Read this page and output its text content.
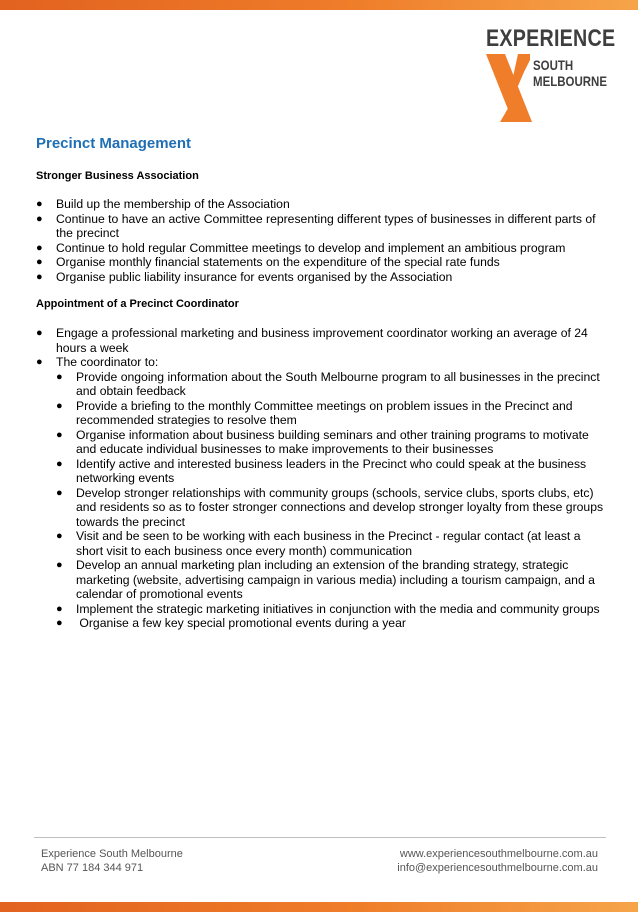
EXPERIENCE
SOUTH
MELBOURNE
Precinct Management
Stronger Business Association
● Build up the membership of the Association
● Continue to have an active Committee representing different types of businesses in different parts of the precinct
● Continue to hold regular Committee meetings to develop and implement an ambitious program
● Organise monthly financial statements on the expenditure of the special rate funds
● Organise public liability insurance for events organised by the Association
Appointment of a Precinct Coordinator
● Engage a professional marketing and business improvement coordinator working an average of 24 hours a week
● The coordinator to:
● Provide ongoing information about the South Melbourne program to all businesses in the precinct and obtain feedback
● Provide a briefing to the monthly Committee meetings on problem issues in the Precinct and recommended strategies to resolve them
● Organise information about business building seminars and other training programs to motivate and educate individual businesses to make improvements to their businesses
● Identify active and interested business leaders in the Precinct who could speak at the business networking events
● Develop stronger relationships with community groups (schools, service clubs, sports clubs, etc) and residents so as to foster stronger connections and develop stronger loyalty from these groups towards the precinct
● Visit and be seen to be working with each business in the Precinct - regular contact (at least a short visit to each business once every month) communication
● Develop an annual marketing plan including an extension of the branding strategy, strategic marketing (website, advertising campaign in various media) including a tourism campaign, and a calendar of promotional events
● Implement the strategic marketing initiatives in conjunction with the media and community groups
● Organise a few key special promotional events during a year
Experience South Melbourne
ABN 77 184 344 971
www.experiencesouthmelbourne.com.au
info@experiencesouthmelbourne.com.au
